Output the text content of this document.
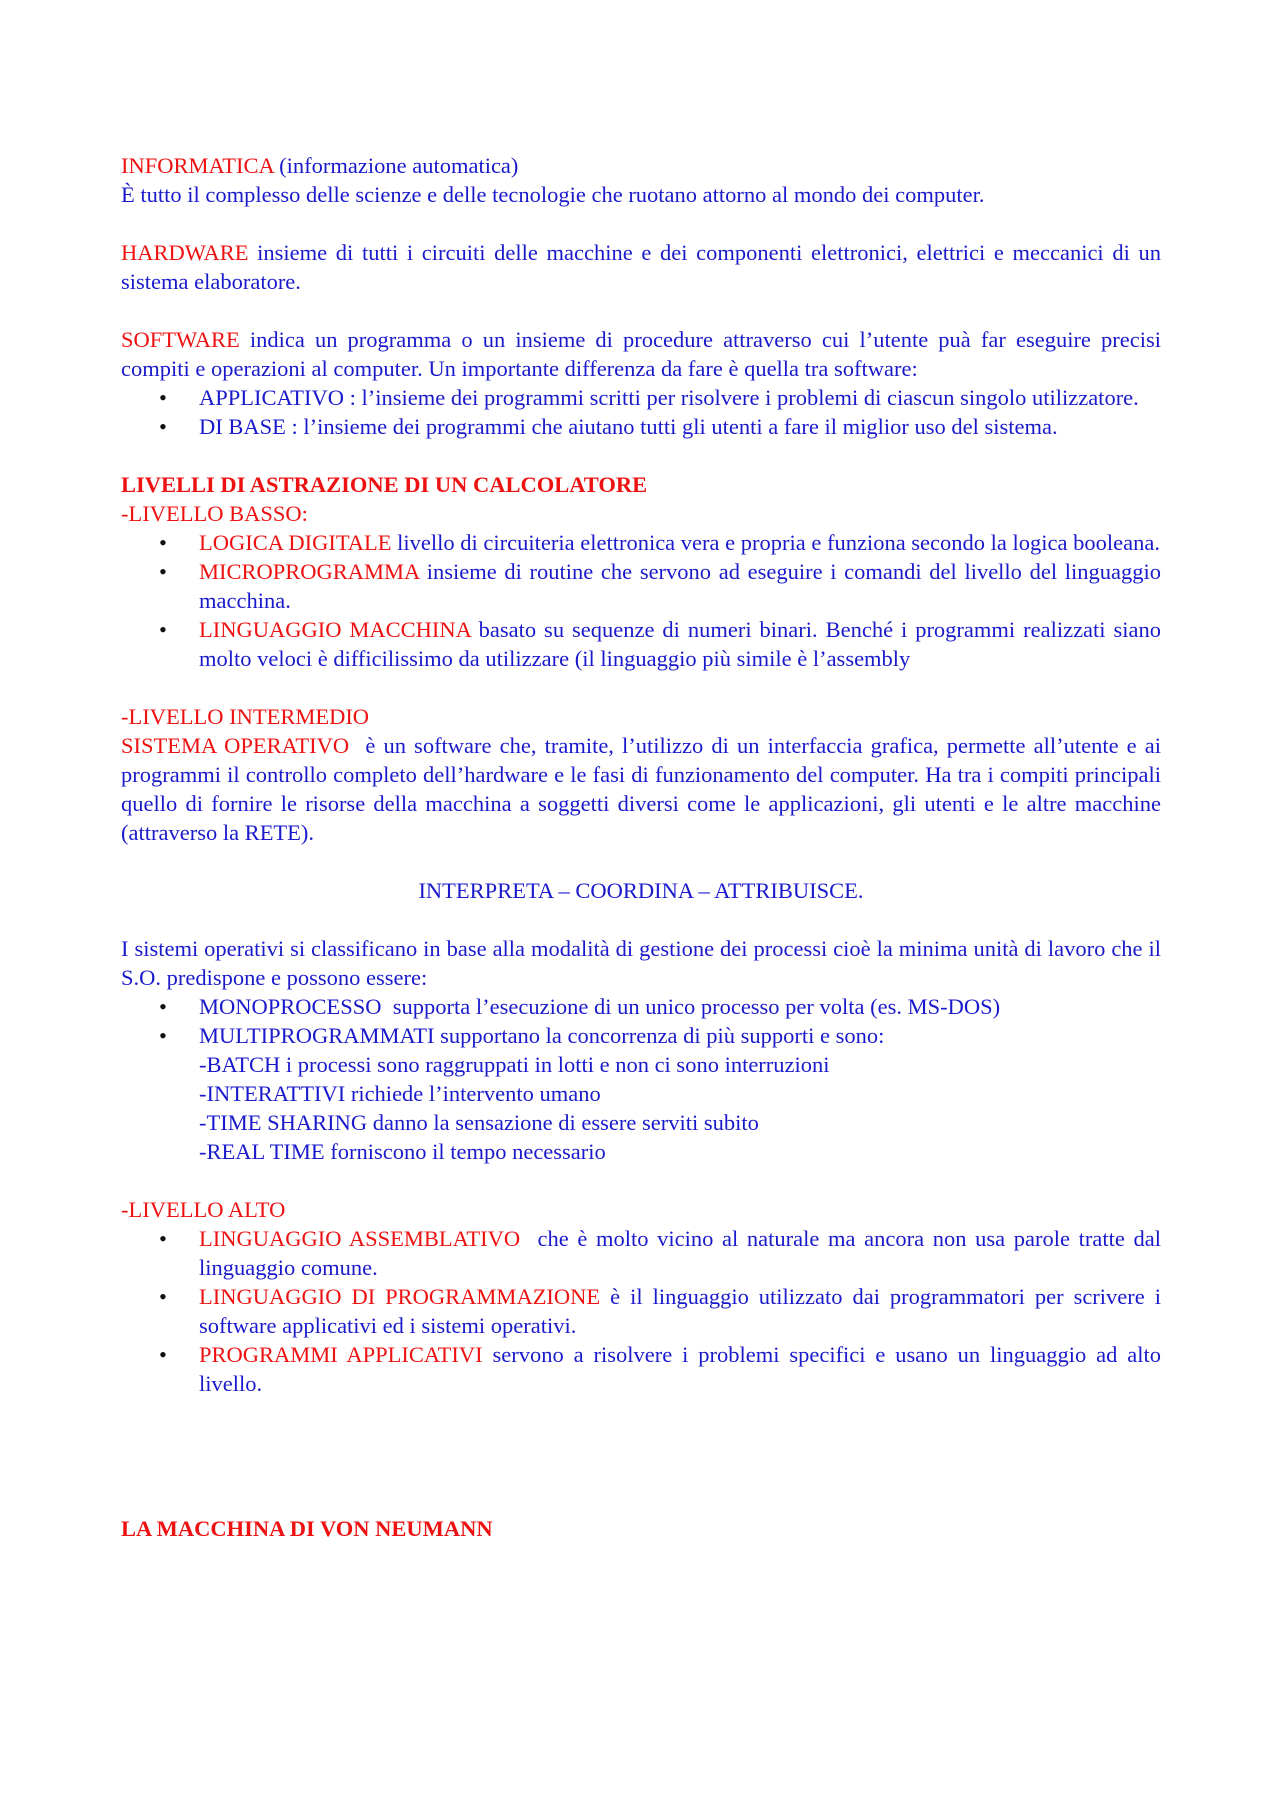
INFORMATICA (informazione automatica)

È tutto il complesso delle scienze e delle tecnologie che ruotano attorno al mondo dei computer.

HARDWARE insieme di tutti i circuiti delle macchine e dei componenti elettronici, elettrici e meccanici di un sistema elaboratore.

SOFTWARE indica un programma o un insieme di procedure attraverso cui l’utente puà far eseguire precisi compiti e operazioni al computer. Un importante differenza da fare è quella tra software:

• APPLICATIVO : l’insieme dei programmi scritti per risolvere i problemi di ciascun singolo utilizzatore.
• DI BASE : l’insieme dei programmi che aiutano tutti gli utenti a fare il miglior uso del sistema.

LIVELLI DI ASTRAZIONE DI UN CALCOLATORE

-LIVELLO BASSO:

• LOGICA DIGITALE livello di circuiteria elettronica vera e propria e funziona secondo la logica booleana.
• MICROPROGRAMMA insieme di routine che servono ad eseguire i comandi del livello del linguaggio macchina.
• LINGUAGGIO MACCHINA basato su sequenze di numeri binari. Benché i programmi realizzati siano molto veloci è difficilissimo da utilizzare (il linguaggio più simile è l’assembly

-LIVELLO INTERMEDIO

SISTEMA OPERATIVO  è un software che, tramite, l’utilizzo di un interfaccia grafica, permette all’utente e ai programmi il controllo completo dell’hardware e le fasi di funzionamento del computer. Ha tra i compiti principali quello di fornire le risorse della macchina a soggetti diversi come le applicazioni, gli utenti e le altre macchine (attraverso la RETE).

INTERPRETA – COORDINA – ATTRIBUISCE.

I sistemi operativi si classificano in base alla modalità di gestione dei processi cioè la minima unità di lavoro che il S.O. predispone e possono essere:

• MONOPROCESSO  supporta l’esecuzione di un unico processo per volta (es. MS-DOS)
• MULTIPROGRAMMATI supportano la concorrenza di più supporti e sono:
-BATCH i processi sono raggruppati in lotti e non ci sono interruzioni
-INTERATTIVI richiede l’intervento umano
-TIME SHARING danno la sensazione di essere serviti subito
-REAL TIME forniscono il tempo necessario

-LIVELLO ALTO

• LINGUAGGIO ASSEMBLATIVO  che è molto vicino al naturale ma ancora non usa parole tratte dal linguaggio comune.
• LINGUAGGIO DI PROGRAMMAZIONE è il linguaggio utilizzato dai programmatori per scrivere i software applicativi ed i sistemi operativi.
• PROGRAMMI APPLICATIVI servono a risolvere i problemi specifici e usano un linguaggio ad alto livello.

LA MACCHINA DI VON NEUMANN
